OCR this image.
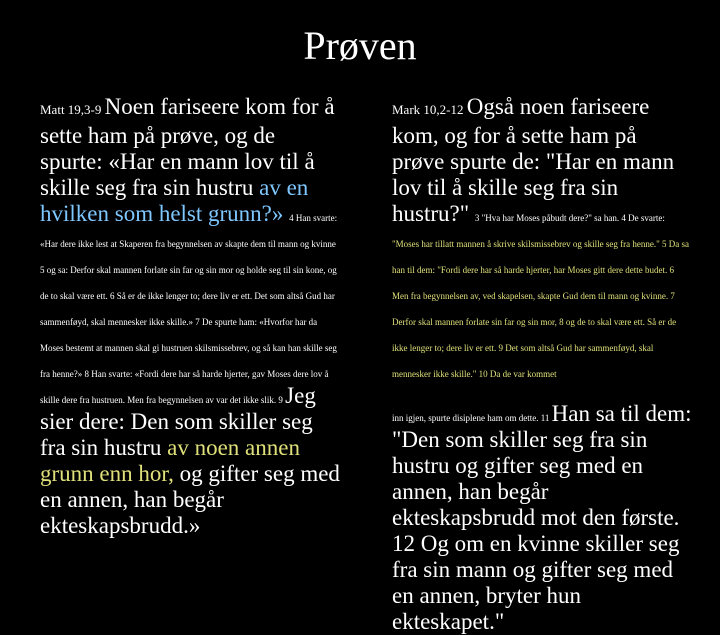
Prøven
Matt 19,3-9 Noen fariseere kom for å sette ham på prøve, og de spurte: «Har en mann lov til å skille seg fra sin hustru av en hvilken som helst grunn?» 4 Han svarte: «Har dere ikke lest at Skaperen fra begynnelsen av skapte dem til mann og kvinne 5 og sa: Derfor skal mannen forlate sin far og sin mor og holde seg til sin kone, og de to skal være ett. 6 Så er de ikke lenger to; dere liv er ett. Det som altså Gud har sammenføyd, skal mennesker ikke skille.» 7 De spurte ham: «Hvorfor har da Moses bestemt at mannen skal gi hustruen skilsmissebrev, og så kan han skille seg fra henne?» 8 Han svarte: «Fordi dere har så harde hjerter, gav Moses dere lov å skille dere fra hustruen. Men fra begynnelsen av var det ikke slik. 9 Jeg sier dere: Den som skiller seg fra sin hustru av noen annen grunn enn hor, og gifter seg med en annen, han begår ekteskapsbrudd.»
Mark 10,2-12 Også noen fariseere kom, og for å sette ham på prøve spurte de: "Har en mann lov til å skille seg fra sin hustru?" 3 "Hva har Moses påbudt dere?" sa han. 4 De svarte: "Moses har tillatt mannen å skrive skilsmissebrev og skille seg fra henne." 5 Da sa han til dem: "Fordi dere har så harde hjerter, har Moses gitt dere dette budet. 6 Men fra begynnelsen av, ved skapelsen, skapte Gud dem til mann og kvinne. 7 Derfor skal mannen forlate sin far og sin mor, 8 og de to skal være ett. Så er de ikke lenger to; dere liv er ett. 9 Det som altså Gud har sammenføyd, skal mennesker ikke skille." 10 Da de var kommet
inn igjen, spurte disiplene ham om dette. 11 Han sa til dem: "Den som skiller seg fra sin hustru og gifter seg med en annen, han begår ekteskapsbrudd mot den første. 12 Og om en kvinne skiller seg fra sin mann og gifter seg med en annen, bryter hun ekteskapet."
